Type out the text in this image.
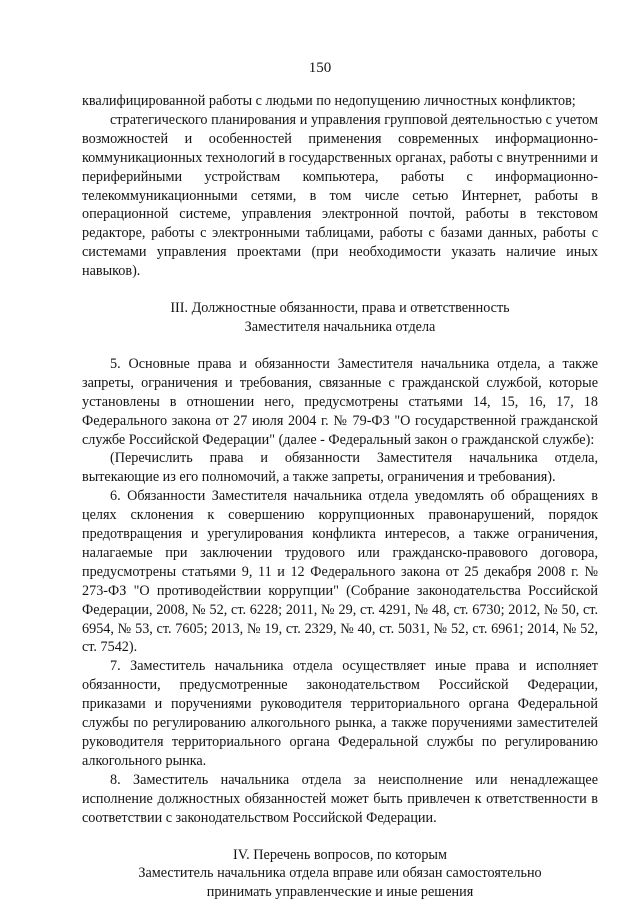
150

квалифицированной работы с людьми по недопущению личностных конфликтов;

стратегического планирования и управления групповой деятельностью с учетом возможностей и особенностей применения современных информационно-коммуникационных технологий в государственных органах, работы с внутренними и периферийными устройствам компьютера, работы с информационно-телекоммуникационными сетями, в том числе сетью Интернет, работы в операционной системе, управления электронной почтой, работы в текстовом редакторе, работы с электронными таблицами, работы с базами данных, работы с системами управления проектами (при необходимости указать наличие иных навыков).

III. Должностные обязанности, права и ответственность

Заместителя начальника отдела

5. Основные права и обязанности Заместителя начальника отдела, а также запреты, ограничения и требования, связанные с гражданской службой, которые установлены в отношении него, предусмотрены статьями 14, 15, 16, 17, 18 Федерального закона от 27 июля 2004 г. № 79-ФЗ "О государственной гражданской службе Российской Федерации" (далее - Федеральный закон о гражданской службе):

(Перечислить права и обязанности Заместителя начальника отдела, вытекающие из его полномочий, а также запреты, ограничения и требования).

6. Обязанности Заместителя начальника отдела уведомлять об обращениях в целях склонения к совершению коррупционных правонарушений, порядок предотвращения и урегулирования конфликта интересов, а также ограничения, налагаемые при заключении трудового или гражданско-правового договора, предусмотрены статьями 9, 11 и 12 Федерального закона от 25 декабря 2008 г. № 273-ФЗ "О противодействии коррупции" (Собрание законодательства Российской Федерации, 2008, № 52, ст. 6228; 2011, № 29, ст. 4291, № 48, ст. 6730; 2012, № 50, ст. 6954, № 53, ст. 7605; 2013, № 19, ст. 2329, № 40, ст. 5031, № 52, ст. 6961; 2014, № 52, ст. 7542).

7. Заместитель начальника отдела осуществляет иные права и исполняет обязанности, предусмотренные законодательством Российской Федерации, приказами и поручениями руководителя территориального органа Федеральной службы по регулированию алкогольного рынка, а также поручениями заместителей руководителя территориального органа Федеральной службы по регулированию алкогольного рынка.

8. Заместитель начальника отдела за неисполнение или ненадлежащее исполнение должностных обязанностей может быть привлечен к ответственности в соответствии с законодательством Российской Федерации.

IV. Перечень вопросов, по которым

Заместитель начальника отдела вправе или обязан самостоятельно

принимать управленческие и иные решения
